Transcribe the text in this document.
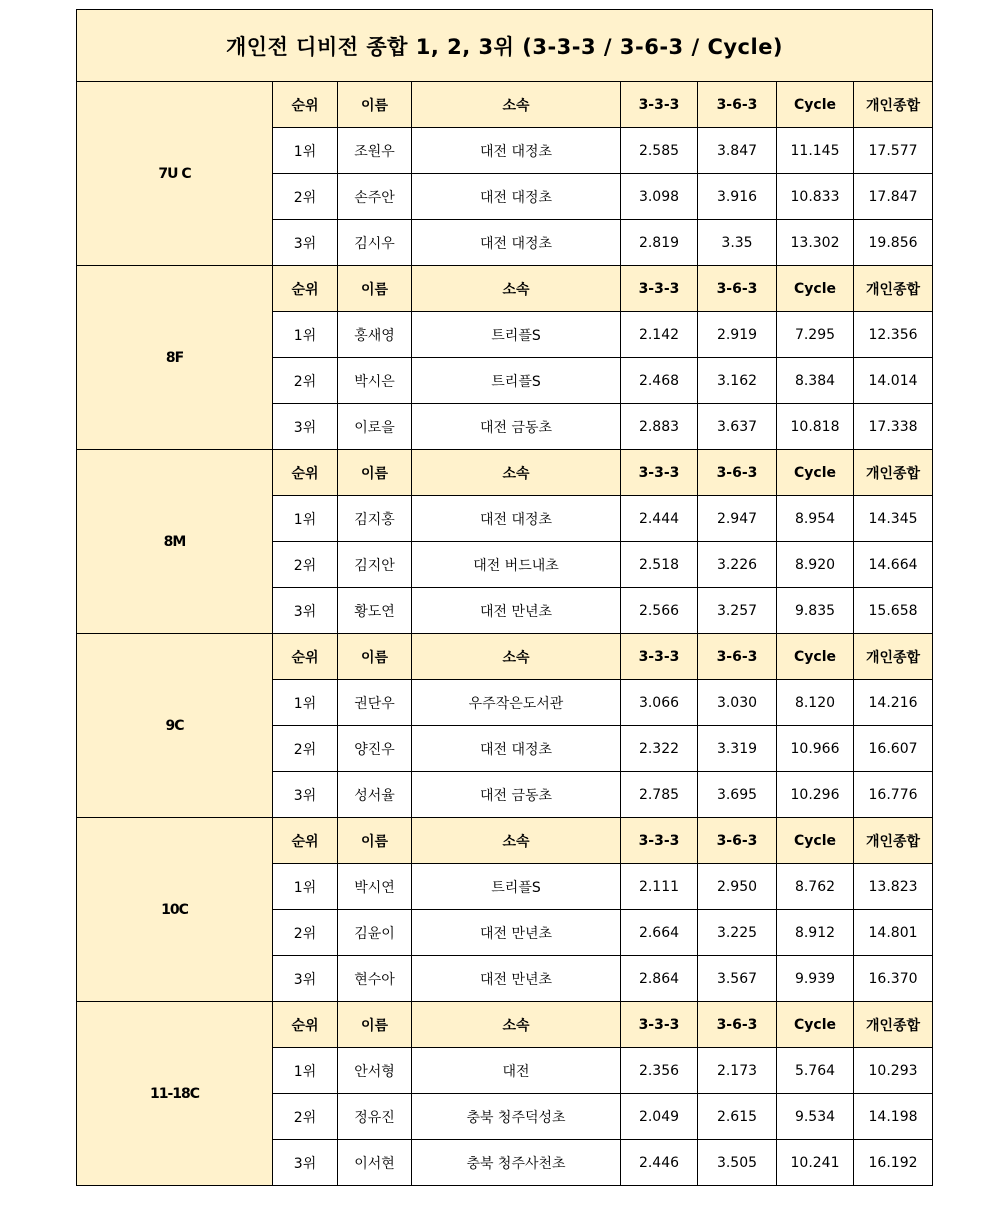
개인전 디비전 종합 1, 2, 3위 (3-3-3 / 3-6-3 / Cycle)							
7U C	순위	이름	소속	3-3-3	3-6-3	Cycle	개인종합
	1위	조원우	대전 대정초	2.585	3.847	11.145	17.577
	2위	손주안	대전 대정초	3.098	3.916	10.833	17.847
	3위	김시우	대전 대정초	2.819	3.35	13.302	19.856
8F	순위	이름	소속	3-3-3	3-6-3	Cycle	개인종합
	1위	홍새영	트리플S	2.142	2.919	7.295	12.356
	2위	박시은	트리플S	2.468	3.162	8.384	14.014
	3위	이로을	대전 금동초	2.883	3.637	10.818	17.338
8M	순위	이름	소속	3-3-3	3-6-3	Cycle	개인종합
	1위	김지홍	대전 대정초	2.444	2.947	8.954	14.345
	2위	김지안	대전 버드내초	2.518	3.226	8.920	14.664
	3위	황도연	대전 만년초	2.566	3.257	9.835	15.658
9C	순위	이름	소속	3-3-3	3-6-3	Cycle	개인종합
	1위	권단우	우주작은도서관	3.066	3.030	8.120	14.216
	2위	양진우	대전 대정초	2.322	3.319	10.966	16.607
	3위	성서율	대전 금동초	2.785	3.695	10.296	16.776
10C	순위	이름	소속	3-3-3	3-6-3	Cycle	개인종합
	1위	박시연	트리플S	2.111	2.950	8.762	13.823
	2위	김윤이	대전 만년초	2.664	3.225	8.912	14.801
	3위	현수아	대전 만년초	2.864	3.567	9.939	16.370
11-18C	순위	이름	소속	3-3-3	3-6-3	Cycle	개인종합
	1위	안서형	대전	2.356	2.173	5.764	10.293
	2위	정유진	충북 청주덕성초	2.049	2.615	9.534	14.198
	3위	이서현	충북 청주사천초	2.446	3.505	10.241	16.192
